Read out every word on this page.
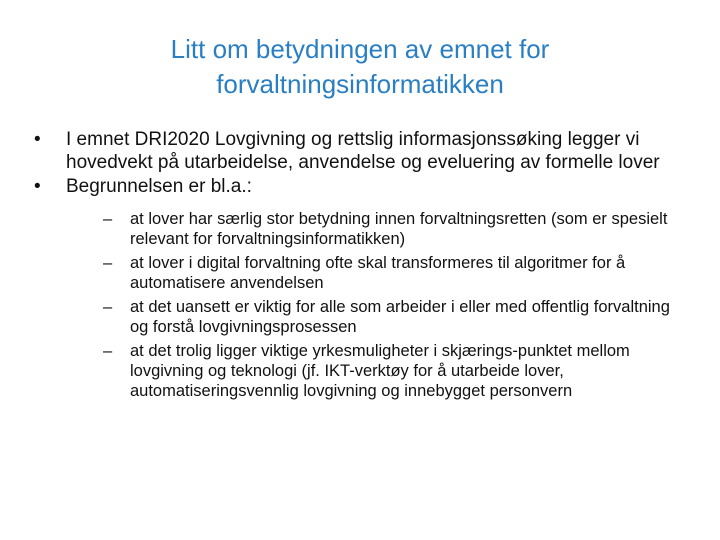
Litt om betydningen av emnet for
forvaltningsinformatikken
• I emnet DRI2020 Lovgivning og rettslig informasjonssøking legger vi hovedvekt på utarbeidelse, anvendelse og eveluering av formelle lover
• Begrunnelsen er bl.a.:
– at lover har særlig stor betydning innen forvaltningsretten (som er spesielt relevant for forvaltningsinformatikken)
– at lover i digital forvaltning ofte skal transformeres til algoritmer for å automatisere anvendelsen
– at det uansett er viktig for alle som arbeider i eller med offentlig forvaltning og forstå lovgivningsprosessen
– at det trolig ligger viktige yrkesmuligheter i skjærings-punktet mellom lovgivning og teknologi (jf. IKT-verktøy for å utarbeide lover, automatiseringsvennlig lovgivning og innebygget personvern
